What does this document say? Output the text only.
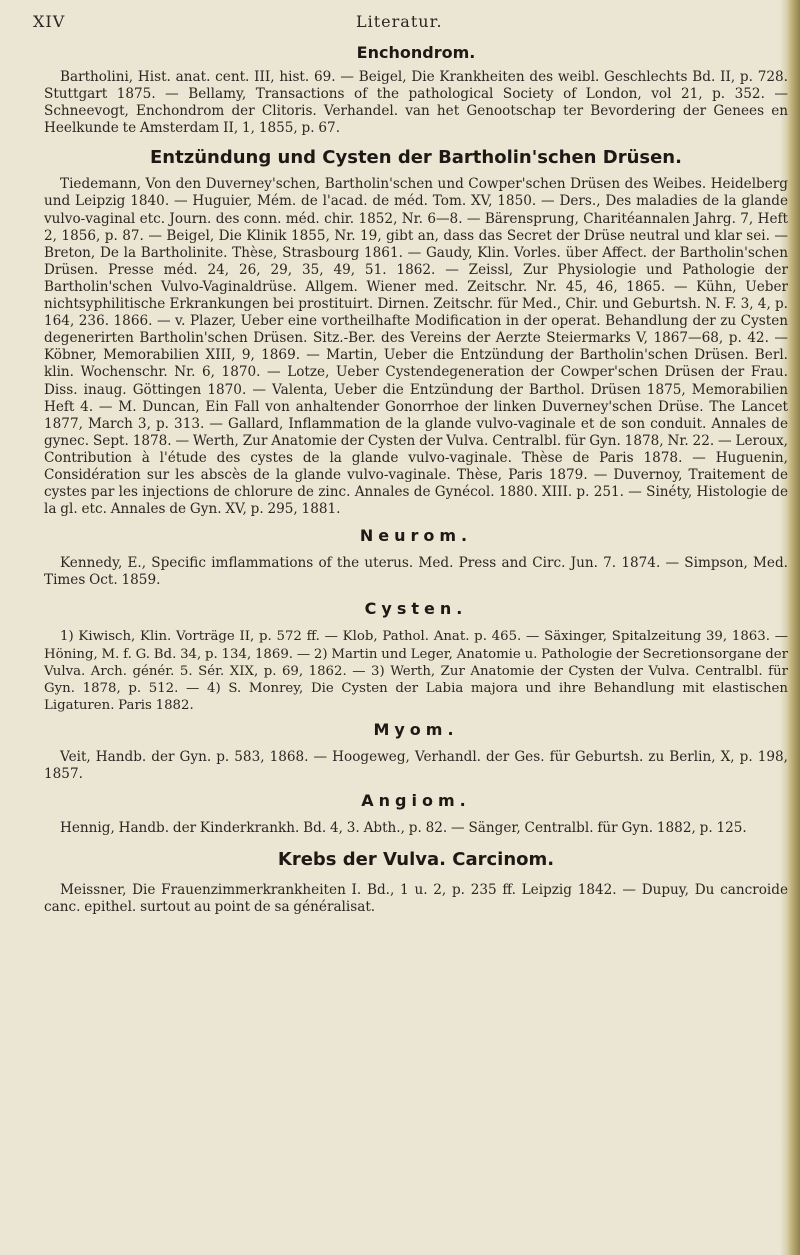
XIV	Literatur.
Enchondrom.

Bartholini, Hist. anat. cent. III, hist. 69. — Beigel, Die Krankheiten des weibl. Geschlechts Bd. II, p. 728. Stuttgart 1875. — Bellamy, Transactions of the pathological Society of London, vol 21, p. 352. — Schneevogt, Enchondrom der Clitoris. Verhandel. van het Genootschap ter Bevordering der Genees en Heelkunde te Amsterdam II, 1, 1855, p. 67.

Entzündung und Cysten der Bartholin'schen Drüsen.

Tiedemann, Von den Duverney'schen, Bartholin'schen und Cowper'schen Drüsen des Weibes. Heidelberg und Leipzig 1840. — Huguier, Mém. de l'acad. de méd. Tom. XV, 1850. — Ders., Des maladies de la glande vulvo-vaginal etc. Journ. des conn. méd. chir. 1852, Nr. 6—8. — Bärensprung, Charitéannalen Jahrg. 7, Heft 2, 1856, p. 87. — Beigel, Die Klinik 1855, Nr. 19, gibt an, dass das Secret der Drüse neutral und klar sei. — Breton, De la Bartholinite. Thèse, Strasbourg 1861. — Gaudy, Klin. Vorles. über Affect. der Bartholin'schen Drüsen. Presse méd. 24, 26, 29, 35, 49, 51. 1862. — Zeissl, Zur Physiologie und Pathologie der Bartholin'schen Vulvo-Vaginaldrüse. Allgem. Wiener med. Zeitschr. Nr. 45, 46, 1865. — Kühn, Ueber nichtsyphilitische Erkrankungen bei prostituirt. Dirnen. Zeitschr. für Med., Chir. und Geburtsh. N. F. 3, 4, p. 164, 236. 1866. — v. Plazer, Ueber eine vortheilhafte Modification in der operat. Behandlung der zu Cysten degenerirten Bartholin'schen Drüsen. Sitz.-Ber. des Vereins der Aerzte Steiermarks V, 1867—68, p. 42. — Köbner, Memorabilien XIII, 9, 1869. — Martin, Ueber die Entzündung der Bartholin'schen Drüsen. Berl. klin. Wochenschr. Nr. 6, 1870. — Lotze, Ueber Cystendegeneration der Cowper'schen Drüsen der Frau. Diss. inaug. Göttingen 1870. — Valenta, Ueber die Entzündung der Barthol. Drüsen 1875, Memorabilien Heft 4. — M. Duncan, Ein Fall von anhaltender Gonorrhoe der linken Duverney'schen Drüse. The Lancet 1877, March 3, p. 313. — Gallard, Inflammation de la glande vulvo-vaginale et de son conduit. Annales de gynec. Sept. 1878. — Werth, Zur Anatomie der Cysten der Vulva. Centralbl. für Gyn. 1878, Nr. 22. — Leroux, Contribution à l'étude des cystes de la glande vulvo-vaginale. Thèse de Paris 1878. — Huguenin, Considération sur les abscès de la glande vulvo-vaginale. Thèse, Paris 1879. — Duvernoy, Traitement de cystes par les injections de chlorure de zinc. Annales de Gynécol. 1880. XIII. p. 251. — Sinéty, Histologie de la gl. etc. Annales de Gyn. XV, p. 295, 1881.

Neurom.

Kennedy, E., Specific imflammations of the uterus. Med. Press and Circ. Jun. 7. 1874. — Simpson, Med. Times Oct. 1859.

Cysten.

1) Kiwisch, Klin. Vorträge II, p. 572 ff. — Klob, Pathol. Anat. p. 465. — Säxinger, Spitalzeitung 39, 1863. — Höning, M. f. G. Bd. 34, p. 134, 1869. — 2) Martin und Leger, Anatomie u. Pathologie der Secretionsorgane der Vulva. Arch. génér. 5. Sér. XIX, p. 69, 1862. — 3) Werth, Zur Anatomie der Cysten der Vulva. Centralbl. für Gyn. 1878, p. 512. — 4) S. Monrey, Die Cysten der Labia majora und ihre Behandlung mit elastischen Ligaturen. Paris 1882.

Myom.

Veit, Handb. der Gyn. p. 583, 1868. — Hoogeweg, Verhandl. der Ges. für Geburtsh. zu Berlin, X, p. 198, 1857.

Angiom.

Hennig, Handb. der Kinderkrankh. Bd. 4, 3. Abth., p. 82. — Sänger, Centralbl. für Gyn. 1882, p. 125.

Krebs der Vulva. Carcinom.

Meissner, Die Frauenzimmerkrankheiten I. Bd., 1 u. 2, p. 235 ff. Leipzig 1842. — Dupuy, Du cancroide canc. epithel. surtout au point de sa généralisat.
